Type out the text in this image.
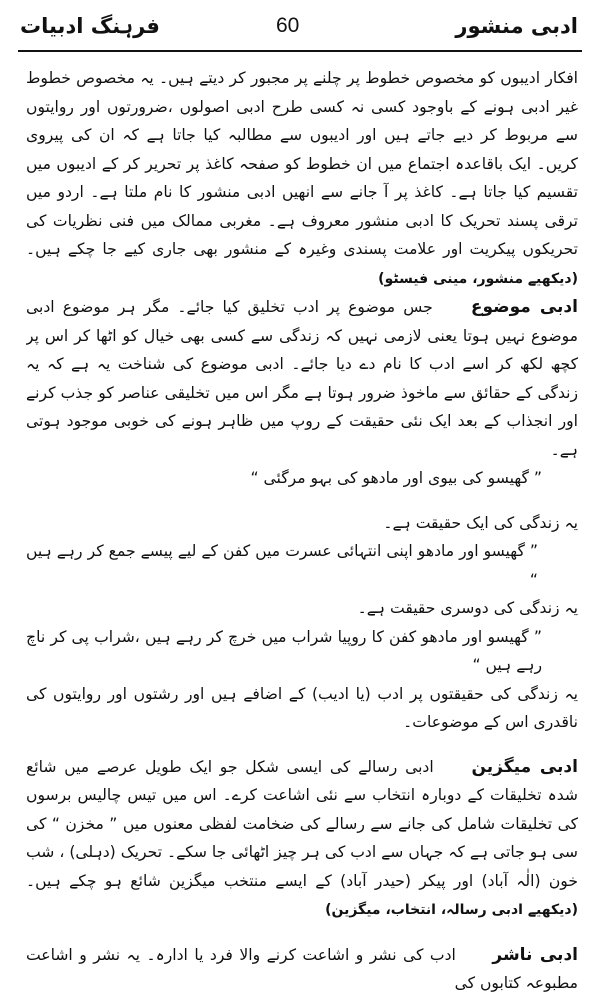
ادبی منشور
60
فرہنگ ادبیات

افکار ادیبوں کو مخصوص خطوط پر چلنے پر مجبور کر دیتے ہیں۔ یہ مخصوص خطوط غیر ادبی ہونے کے باوجود کسی نہ کسی طرح ادبی اصولوں ،ضرورتوں اور روایتوں سے مربوط کر دیے جاتے ہیں اور ادیبوں سے مطالبہ کیا جاتا ہے کہ ان کی پیروی کریں۔ ایک باقاعدہ اجتماع میں ان خطوط کو صفحہ کاغذ پر تحریر کر کے ادیبوں میں تقسیم کیا جاتا ہے۔ کاغذ پر آ جانے سے انھیں ادبی منشور کا نام ملتا ہے۔ اردو میں ترقی پسند تحریک کا ادبی منشور معروف ہے۔ مغربی ممالک میں فنی نظریات کی تحریکوں پیکریت اور علامت پسندی وغیرہ کے منشور بھی جاری کیے جا چکے ہیں۔ (دیکھیے منشور، مینی فیسٹو)

ادبی موضوع جس موضوع پر ادب تخلیق کیا جائے۔ مگر ہر موضوع ادبی موضوع نہیں ہوتا یعنی لازمی نہیں کہ زندگی سے کسی بھی خیال کو اٹھا کر اس پر کچھ لکھ کر اسے ادب کا نام دے دیا جائے۔ ادبی موضوع کی شناخت یہ ہے کہ یہ زندگی کے حقائق سے ماخوذ ضرور ہوتا ہے مگر اس میں تخلیقی عناصر کو جذب کرنے اور انجذاب کے بعد ایک نئی حقیقت کے روپ میں ظاہر ہونے کی خوبی موجود ہوتی ہے۔

” گھیسو کی بیوی اور مادھو کی بہو مرگئی “

یہ زندگی کی ایک حقیقت ہے۔

” گھیسو اور مادھو اپنی انتہائی عسرت میں کفن کے لیے پیسے جمع کر رہے ہیں “

یہ زندگی کی دوسری حقیقت ہے۔

” گھیسو اور مادھو کفن کا روپیا شراب میں خرچ کر رہے ہیں ،شراب پی کر ناچ رہے ہیں “

یہ زندگی کی حقیقتوں پر ادب (یا ادیب) کے اضافے ہیں اور رشتوں اور روایتوں کی ناقدری اس کے موضوعات۔

ادبی میگزین ادبی رسالے کی ایسی شکل جو ایک طویل عرصے میں شائع شدہ تخلیقات کے دوبارہ انتخاب سے نئی اشاعت کرے۔ اس میں تیس چالیس برسوں کی تخلیقات شامل کی جانے سے رسالے کی ضخامت لفظی معنوں میں ” مخزن “ کی سی ہو جاتی ہے کہ جہاں سے ادب کی ہر چیز اٹھائی جا سکے۔ تحریک (دہلی) ، شب خون (الٰہ آباد) اور پیکر (حیدر آباد) کے ایسے منتخب میگزین شائع ہو چکے ہیں۔ (دیکھیے ادبی رسالہ، انتخاب، میگزین)

ادبی ناشر ادب کی نشر و اشاعت کرنے والا فرد یا ادارہ۔ یہ نشر و اشاعت مطبوعہ کتابوں کی
